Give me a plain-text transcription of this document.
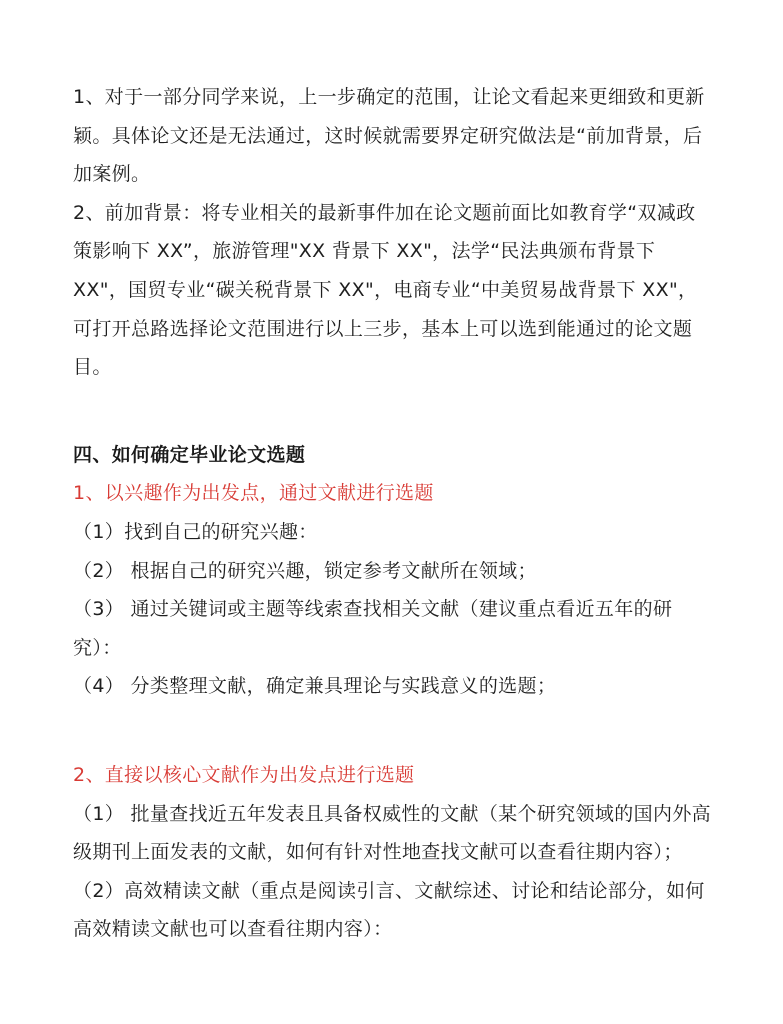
1、对于一部分同学来说，上一步确定的范围，让论文看起来更细致和更新颖。具体论文还是无法通过，这时候就需要界定研究做法是“前加背景，后加案例。

2、前加背景：将专业相关的最新事件加在论文题前面比如教育学“双减政策影响下 XX”，旅游管理"XX 背景下 XX"，法学“民法典颁布背景下 XX"，国贸专业“碳关税背景下 XX"，电商专业“中美贸易战背景下 XX"，可打开总路选择论文范围进行以上三步，基本上可以选到能通过的论文题目。

四、如何确定毕业论文选题

1、以兴趣作为出发点，通过文献进行选题

（1）找到自己的研究兴趣：

（2） 根据自己的研究兴趣，锁定参考文献所在领域；

（3） 通过关键词或主题等线索查找相关文献（建议重点看近五年的研究）：

（4） 分类整理文献，确定兼具理论与实践意义的选题；

2、直接以核心文献作为出发点进行选题

（1） 批量查找近五年发表且具备权威性的文献（某个研究领域的国内外高级期刊上面发表的文献，如何有针对性地查找文献可以查看往期内容）；

（2）高效精读文献（重点是阅读引言、文献综述、讨论和结论部分，如何高效精读文献也可以查看往期内容）：
